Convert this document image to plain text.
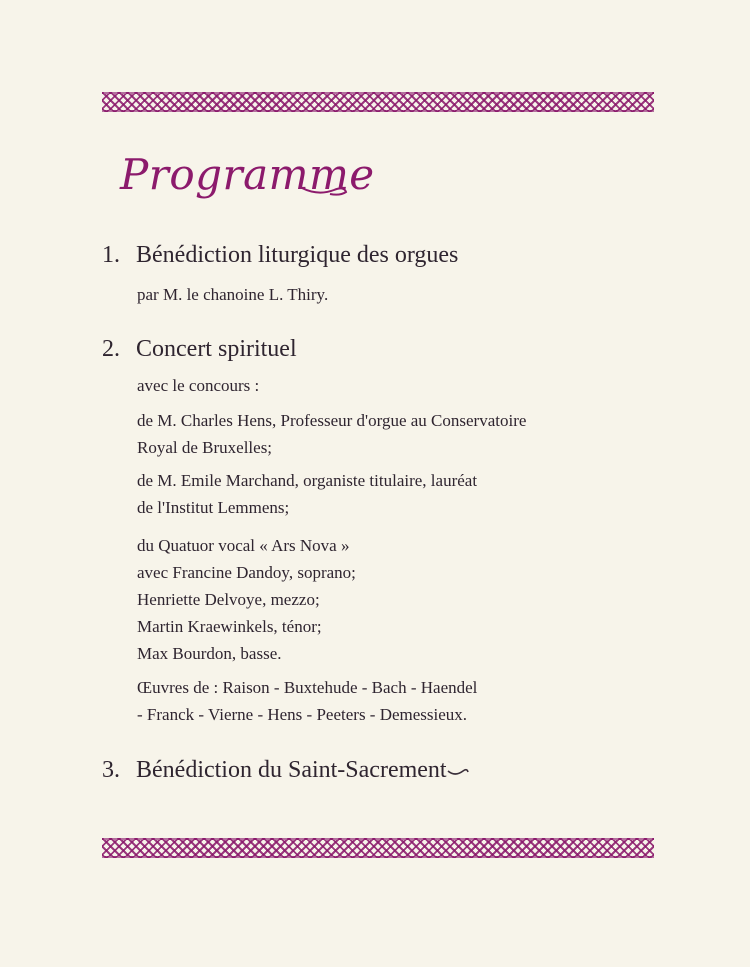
Programme
1. Bénédiction liturgique des orgues

par M. le chanoine L. Thiry.

2. Concert spirituel

avec le concours :

de M. Charles Hens, Professeur d'orgue au Conservatoire

Royal de Bruxelles;

de M. Emile Marchand, organiste titulaire, lauréat

de l'Institut Lemmens;

du Quatuor vocal « Ars Nova »

avec Francine Dandoy, soprano;

Henriette Delvoye, mezzo;

Martin Kraewinkels, ténor;

Max Bourdon, basse.

Œuvres de : Raison - Buxtehude - Bach - Haendel

- Franck - Vierne - Hens - Peeters - Demessieux.

3. Bénédiction du Saint-Sacrement
